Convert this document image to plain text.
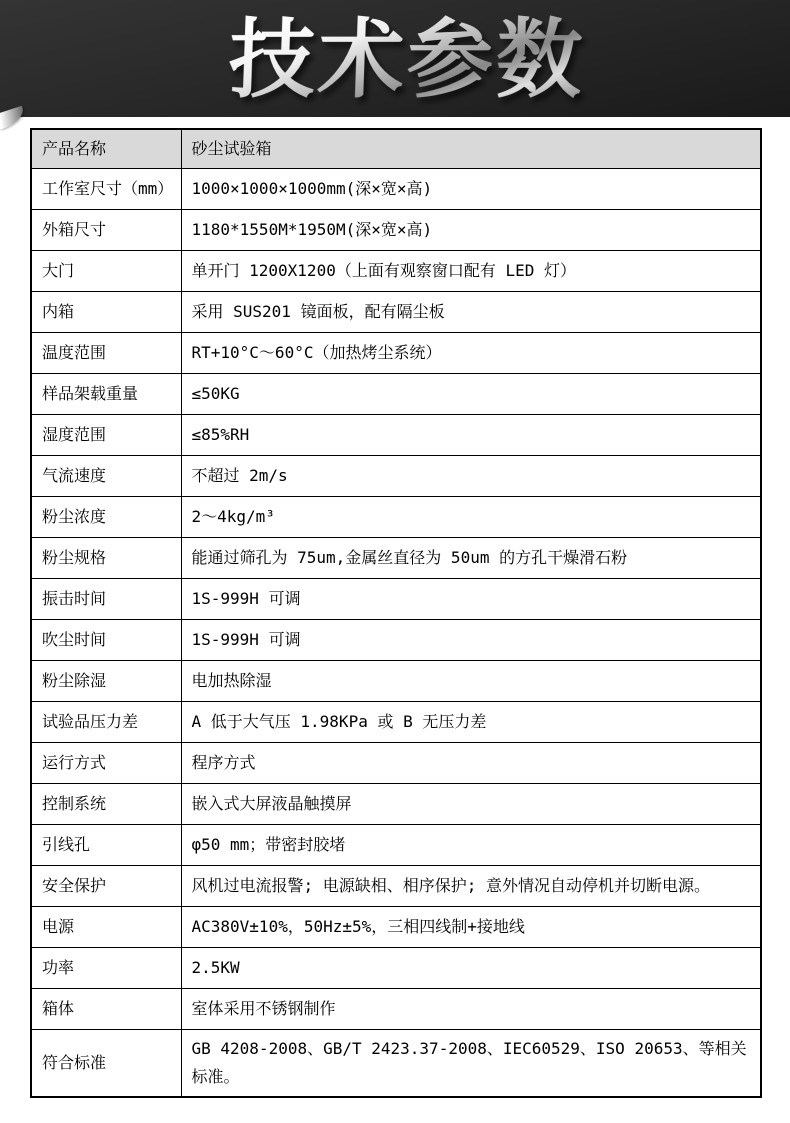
技术参数
产品名称	砂尘试验箱
工作室尺寸（mm）	1000×1000×1000mm(深×宽×高)
外箱尺寸	1180*1550M*1950M(深×宽×高)
大门	单开门 1200X1200（上面有观察窗口配有 LED 灯）
内箱	采用 SUS201 镜面板，配有隔尘板
温度范围	RT+10°C～60°C（加热烤尘系统）
样品架载重量	≤50KG
湿度范围	≤85%RH
气流速度	不超过 2m/s
粉尘浓度	2～4kg/m³
粉尘规格	能通过筛孔为 75um,金属丝直径为 50um 的方孔干燥滑石粉
振击时间	1S-999H 可调
吹尘时间	1S-999H 可调
粉尘除湿	电加热除湿
试验品压力差	A 低于大气压 1.98KPa 或 B 无压力差
运行方式	程序方式
控制系统	嵌入式大屏液晶触摸屏
引线孔	φ50 mm；带密封胶堵
安全保护	风机过电流报警; 电源缺相、相序保护; 意外情况自动停机并切断电源。
电源	AC380V±10%，50Hz±5%，三相四线制+接地线
功率	2.5KW
箱体	室体采用不锈钢制作
符合标准	GB 4208-2008、GB/T 2423.37-2008、IEC60529、ISO 20653、等相关标准。
